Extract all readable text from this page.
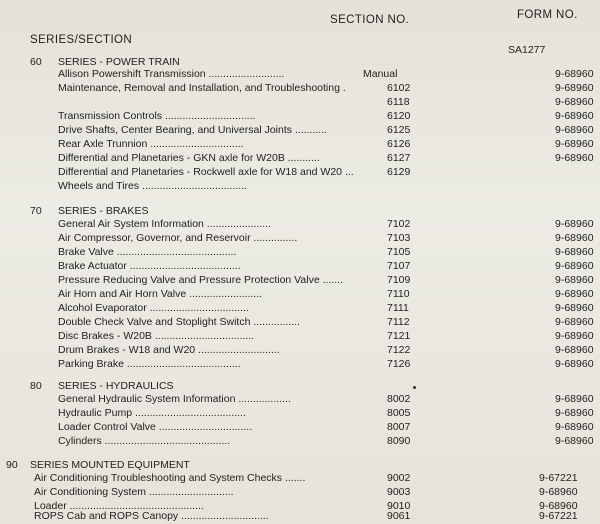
SECTION NO.	FORM NO.
SERIES/SECTION
60 SERIES - POWER TRAIN
SA1277
Allison Powershift Transmission ..........................	Manual	9-68960
Maintenance, Removal and Installation, and Troubleshooting .	6102	9-68960
6118	9-68960
Transmission Controls ...............................	6120	9-68960
Drive Shafts, Center Bearing, and Universal Joints ...........	6125	9-68960
Rear Axle Trunnion ................................	6126	9-68960
Differential and Planetaries - GKN axle for W20B ...........	6127	9-68960
Differential and Planetaries - Rockwell axle for W18 and W20 ...	6129
Wheels and Tires ....................................
70 SERIES - BRAKES
General Air System Information ......................	7102	9-68960
Air Compressor, Governor, and Reservoir ...............	7103	9-68960
Brake Valve .........................................	7105	9-68960
Brake Actuator ......................................	7107	9-68960
Pressure Reducing Valve and Pressure Protection Valve .......	7109	9-68960
Air Horn and Air Horn Valve .........................	7110	9-68960
Alcohol Evaporator ..................................	7111	9-68960
Double Check Valve and Stoplight Switch ................	7112	9-68960
Disc Brakes - W20B ..................................	7121	9-68960
Drum Brakes - W18 and W20 ............................	7122	9-68960
Parking Brake .......................................	7126	9-68960
80 SERIES - HYDRAULICS
General Hydraulic System Information ..................	8002	9-68960
Hydraulic Pump ......................................	8005	9-68960
Loader Control Valve ................................	8007	9-68960
Cylinders ...........................................	8090	9-68960
90 SERIES MOUNTED EQUIPMENT
Air Conditioning Troubleshooting and System Checks .......	9002	9-67221
Air Conditioning System .............................	9003	9-68960
Loader ..............................................	9010	9-68960
ROPS Cab and ROPS Canopy ..............................	9061	9-67221
